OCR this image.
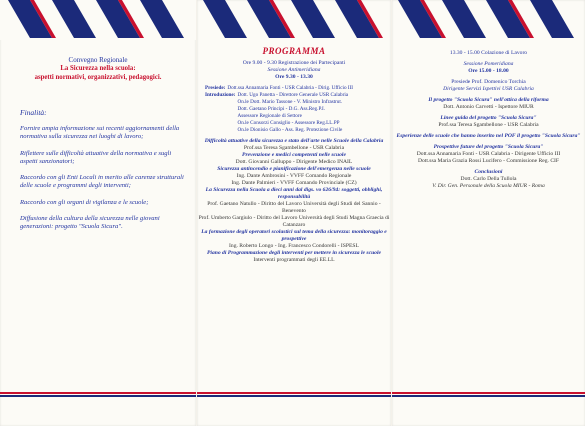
Convegno Regionale
La Sicurezza nella scuola:
aspetti normativi, organizzativi, pedagogici.
Finalità:
Fornire ampia informazione sui recenti aggiornamenti della normativa sulla sicurezza nei luoghi di lavoro;
Riflettere sulle difficoltà attuative della normativa e sugli aspetti sanzionatori;
Raccordo con gli Enti Locali in merito alle carenze strutturali delle scuole e programmi degli interventi;
Raccordo con gli organi di vigilanza e le scuole;
Diffusione della cultura della sicurezza nelle giovani generazioni: progetto "Scuola Sicura".
PROGRAMMA
Ore 9.00 - 9.30 Registrazione dei Partecipanti
Sessione Antimeridiana
Ore 9.30 - 13.30
Presiede: Dott.ssa Annamaria Fonti - USR Calabria - Dirig. Ufficio III
Introduzione: Dott. Ugo Panetta - Direttore Generale USR Calabria
On.le Dott. Mario Tassone - V. Ministro Infrastrut.
Dott. Gaetano Principi - D.G. Ass.Reg.P.I.
Assessore Regionale di Settore
On.le Consorzi Consiglio - Assessore Reg.LL.PP
On.le Dionisio Gallo - Ass. Reg. Protezione Civile
Difficoltà attuative della sicurezza e stato dell'arte nelle Scuole della Calabria
Prof.ssa Teresa Sgambellone - USR Calabria
Prevenzione e medici competenti nelle scuole
Dott. Giovanni Galluppo - Dirigente Medico INAIL
Sicurezza antincendio e pianificazione dell'emergenza nelle scuole
Ing. Dante Ambrosini - VVFF Comando Regionale
Ing. Dante Palmieri - VVFF Comando Provinciale (CZ)
La Sicurezza nella Scuola a dieci anni dal digs. vo 626/94: soggetti, obblighi, responsabilità
Prof. Gaetano Natullo - Diritto del Lavoro Università degli Studi del Sannio - Benevento
Prof. Umberto Gargiulo - Diritto del Lavoro Università degli Studi Magna Graecia di Catanzaro
La formazione degli operatori scolastici sul tema della sicurezza: monitoraggio e prospettive
Ing. Roberto Longo - Ing. Francesco Condorelli - ISPESL
Piano di Programmazione degli interventi per mettere in sicurezza le scuole
Interventi programmati degli EE.LL
13.30 - 15.00 Colazione di Lavoro
Sessione Pomeridiana
Ore 15.00 - 18.00
Presiede Prof. Domenico Torchia
Dirigente Servizi Ispettivi USR Calabria
Il progetto "Scuola Sicura" nell'ottica della riforma
Dott. Antonio Carvetti - Ispettore MIUR
Linee guida del progetto "Scuola Sicura"
Prof.ssa Teresa Sgambellone - USR Calabria
Esperienze delle scuole che hanno inserito nel POF il progetto "Scuola Sicura"
Prospettive future del progetto "Scuola Sicura"
Dott.ssa Annamaria Fonti - USR Calabria - Dirigente Ufficio III
Dott.ssa Maria Grazia Rossi Lucifero - Commissione Reg. CIF
Conclusioni
Dott. Carlo Della Tullola
V. Dir. Gen. Personale della Scuola MIUR - Roma
